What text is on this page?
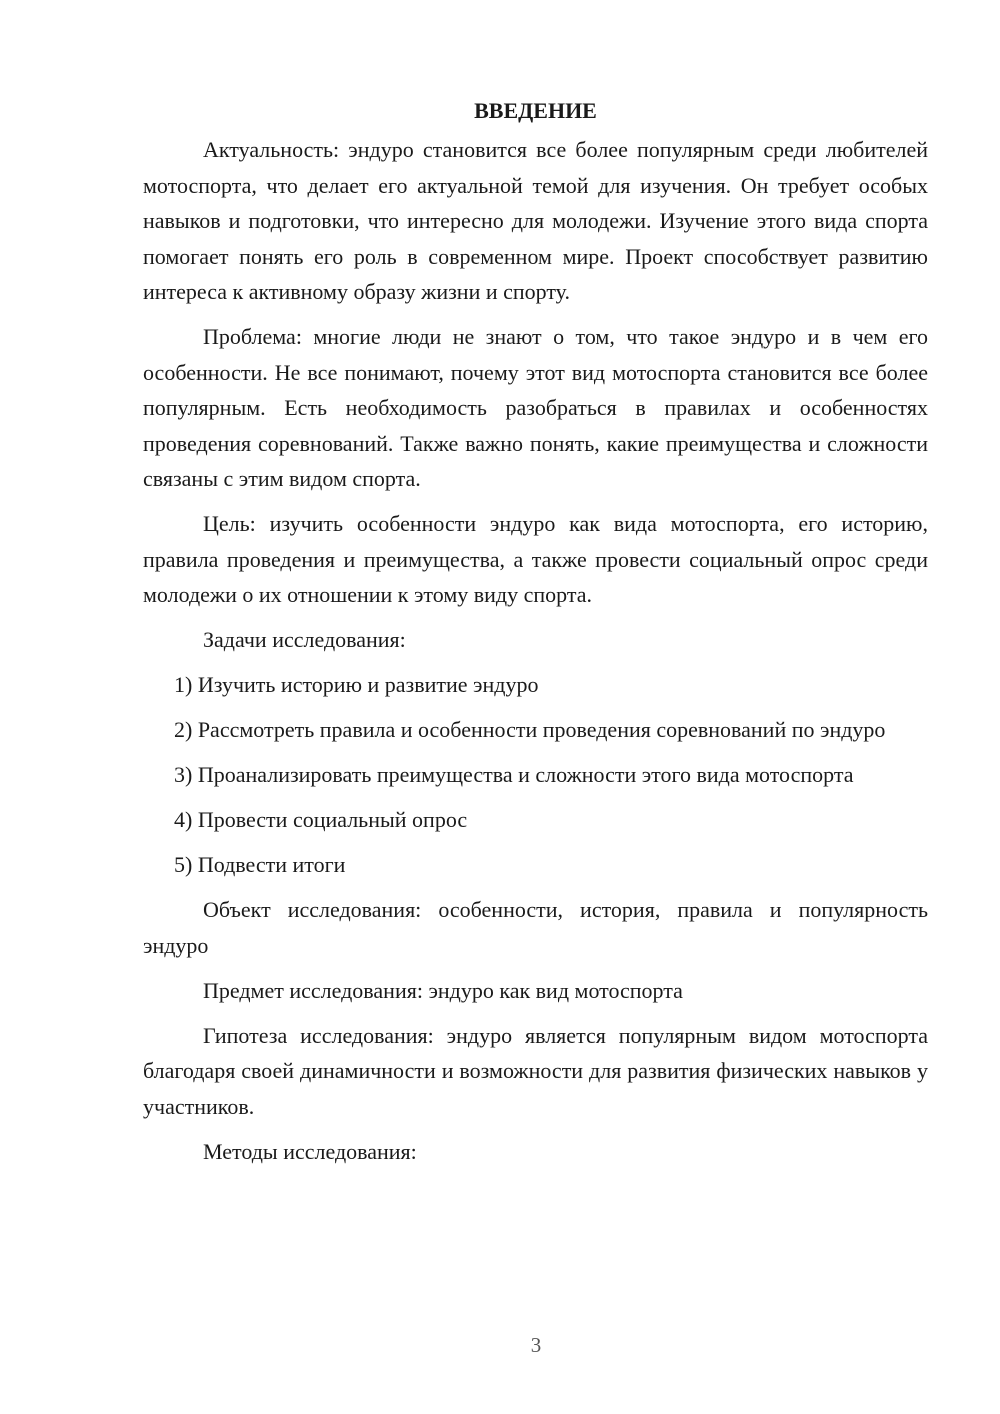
ВВЕДЕНИЕ

Актуальность: эндуро становится все более популярным среди любителей мотоспорта, что делает его актуальной темой для изучения. Он требует особых навыков и подготовки, что интересно для молодежи. Изучение этого вида спорта помогает понять его роль в современном мире. Проект способствует развитию интереса к активному образу жизни и спорту.

Проблема: многие люди не знают о том, что такое эндуро и в чем его особенности. Не все понимают, почему этот вид мотоспорта становится все более популярным. Есть необходимость разобраться в правилах и особенностях проведения соревнований. Также важно понять, какие преимущества и сложности связаны с этим видом спорта.

Цель: изучить особенности эндуро как вида мотоспорта, его историю, правила проведения и преимущества, а также провести социальный опрос среди молодежи о их отношении к этому виду спорта.

Задачи исследования:

1) Изучить историю и развитие эндуро

2) Рассмотреть правила и особенности проведения соревнований по эндуро

3) Проанализировать преимущества и сложности этого вида мотоспорта

4) Провести социальный опрос

5) Подвести итоги

Объект исследования: особенности, история, правила и популярность эндуро

Предмет исследования: эндуро как вид мотоспорта

Гипотеза исследования: эндуро является популярным видом мотоспорта благодаря своей динамичности и возможности для развития физических навыков у участников.

Методы исследования:

3
